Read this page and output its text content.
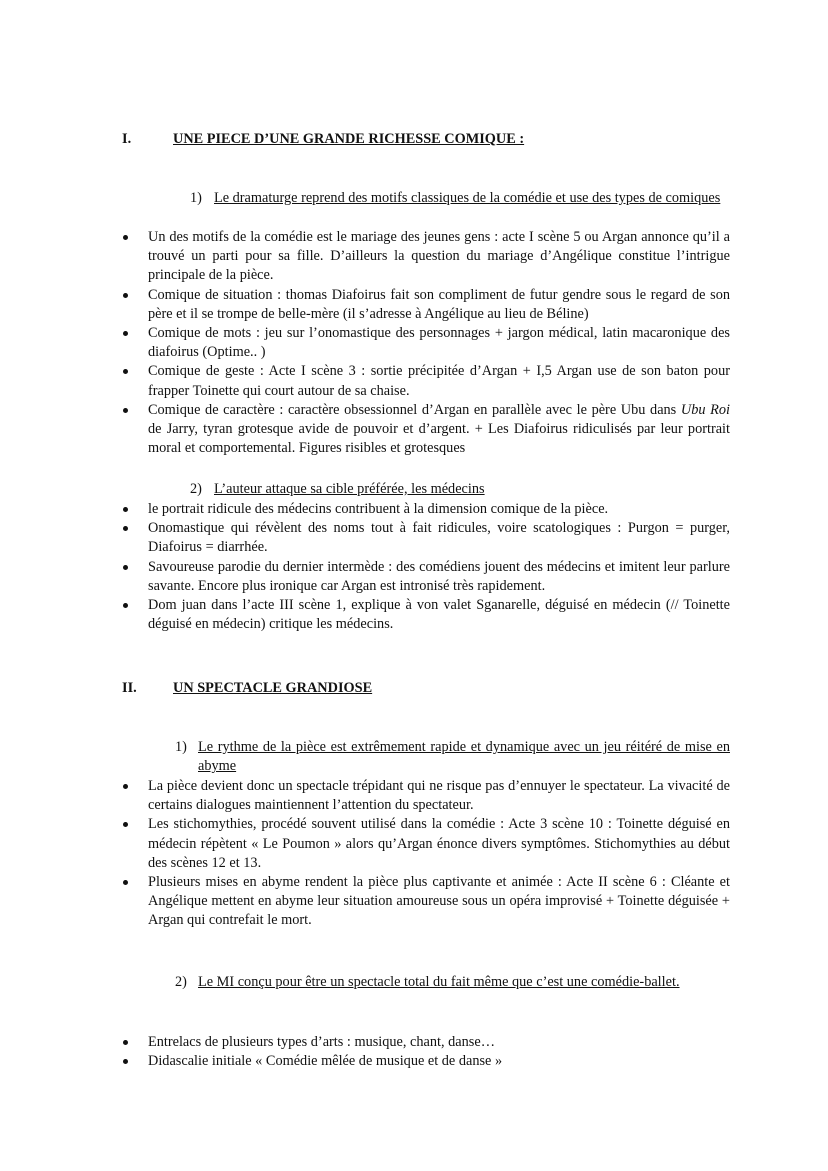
I.	UNE PIECE D’UNE GRANDE RICHESSE COMIQUE :
1) Le dramaturge reprend des motifs classiques de la comédie et use des types de comiques
Un des motifs de la comédie est le mariage des jeunes gens : acte I scène 5 ou Argan annonce qu’il a trouvé un parti pour sa fille. D’ailleurs la question du mariage d’Angélique constitue l’intrigue principale de la pièce.
Comique de situation : thomas Diafoirus fait son compliment de futur gendre sous le regard de son père et il se trompe de belle-mère (il s’adresse à Angélique au lieu de Béline)
Comique de mots : jeu sur l’onomastique des personnages + jargon médical, latin macaronique des diafoirus (Optime.. )
Comique de geste : Acte I scène 3 : sortie précipitée d’Argan + I,5 Argan use de son baton pour frapper Toinette qui court autour de sa chaise.
Comique de caractère : caractère obsessionnel d’Argan en parallèle avec le père Ubu dans Ubu Roi de Jarry, tyran grotesque avide de pouvoir et d’argent. + Les Diafoirus ridiculisés par leur portrait moral et comportemental. Figures risibles et grotesques
2) L’auteur attaque sa cible préférée, les médecins
le portrait ridicule des médecins contribuent à la dimension comique de la pièce.
Onomastique qui révèlent des noms tout à fait ridicules, voire scatologiques : Purgon = purger, Diafoirus = diarrhée.
Savoureuse parodie du dernier intermède : des comédiens jouent des médecins et imitent leur parlure savante. Encore plus ironique car Argan est intronisé très rapidement.
Dom juan dans l’acte III scène 1, explique à von valet Sganarelle, déguisé en médecin (// Toinette déguisé en médecin) critique les médecins.
II.	UN SPECTACLE GRANDIOSE
1) Le rythme de la pièce est extrêmement rapide et dynamique avec un jeu réitéré de mise en abyme
La pièce devient donc un spectacle trépidant qui ne risque pas d’ennuyer le spectateur. La vivacité de certains dialogues maintiennent l’attention du spectateur.
Les stichomythies, procédé souvent utilisé dans la comédie : Acte 3 scène 10 : Toinette déguisé en médecin répètent « Le Poumon » alors qu’Argan énonce divers symptômes. Stichomythies au début des scènes 12 et 13.
Plusieurs mises en abyme rendent la pièce plus captivante et animée : Acte II scène 6 : Cléante et Angélique mettent en abyme leur situation amoureuse sous un opéra improvisé + Toinette déguisée + Argan qui contrefait le mort.
2) Le MI conçu pour être un spectacle total du fait même que c’est une comédie-ballet.
Entrelacs de plusieurs types d’arts : musique, chant, danse…
Didascalie initiale « Comédie mêlée de musique et de danse »
